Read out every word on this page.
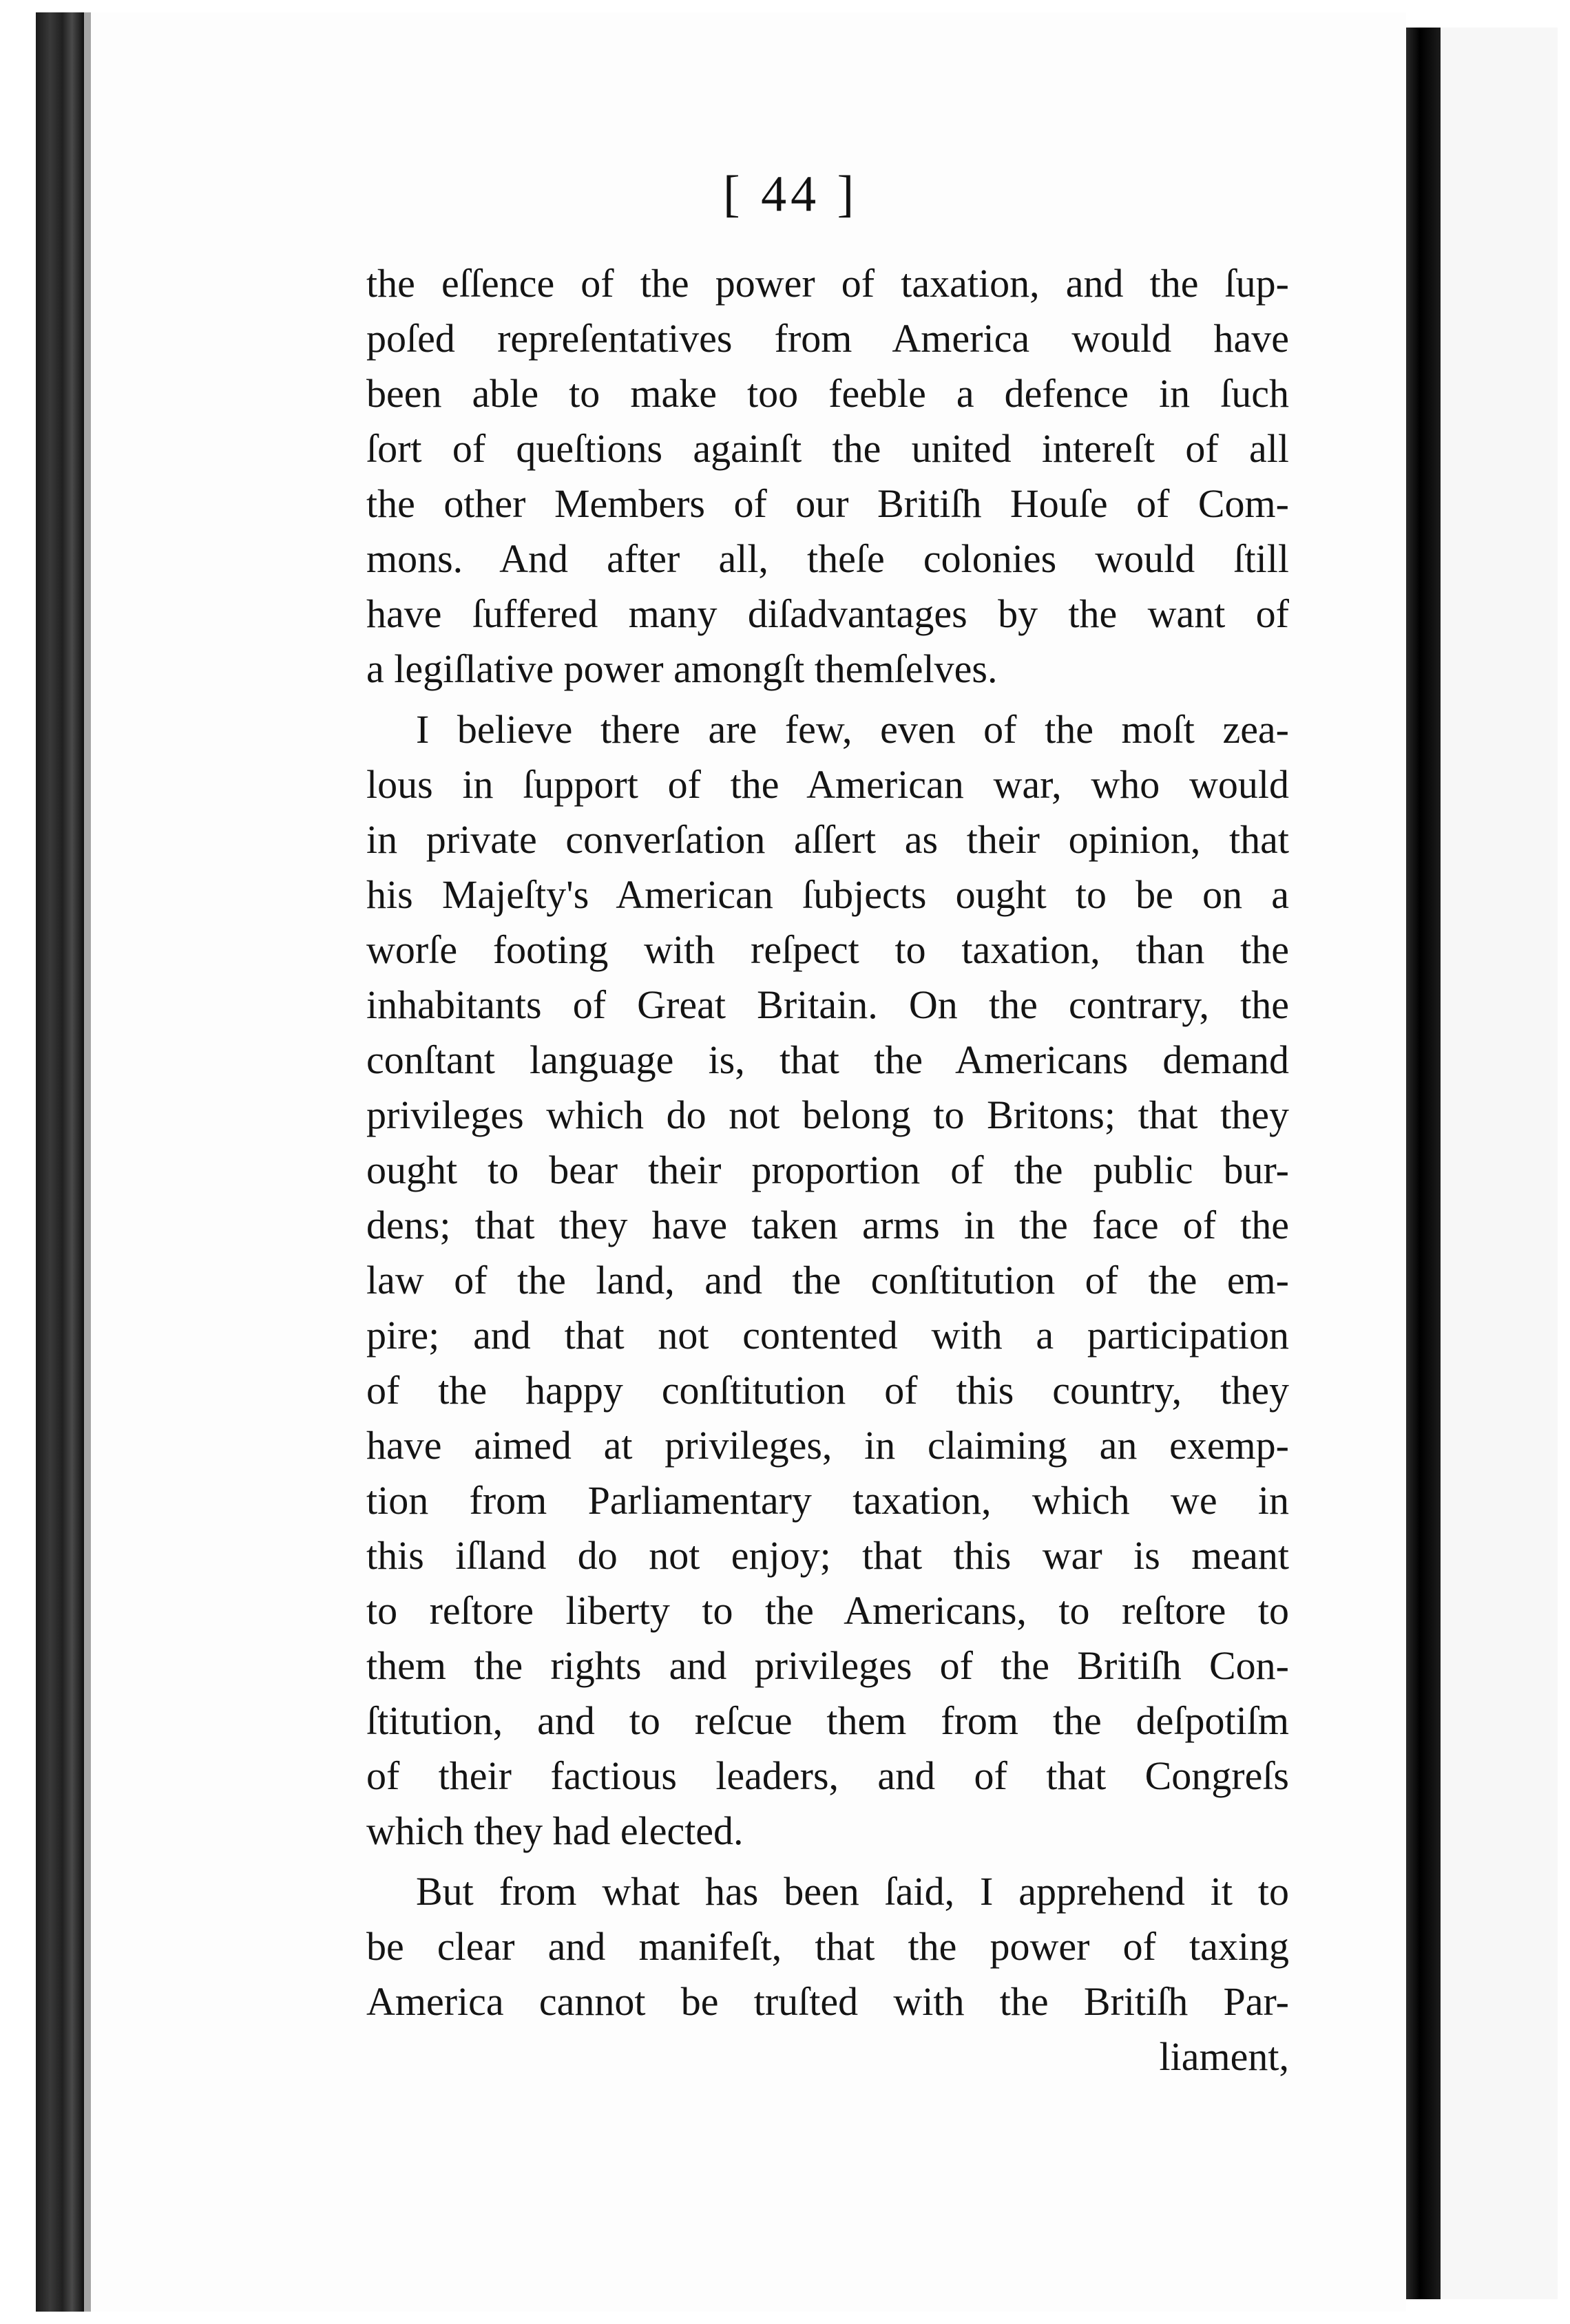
[ 44 ]
the eſſence of the power of taxation, and the ſup-
poſed repreſentatives from America would have
been able to make too feeble a defence in ſuch
ſort of queſtions againſt the united intereſt of all
the other Members of our Britiſh Houſe of Com-
mons. And after all, theſe colonies would ſtill
have ſuffered many diſadvantages by the want of
a legiſlative power amongſt themſelves.
I believe there are few, even of the moſt zea-
lous in ſupport of the American war, who would
in private converſation aſſert as their opinion, that
his Majeſty's American ſubjects ought to be on a
worſe footing with reſpect to taxation, than the
inhabitants of Great Britain. On the contrary, the
conſtant language is, that the Americans demand
privileges which do not belong to Britons; that they
ought to bear their proportion of the public bur-
dens; that they have taken arms in the face of the
law of the land, and the conſtitution of the em-
pire; and that not contented with a participation
of the happy conſtitution of this country, they
have aimed at privileges, in claiming an exemp-
tion from Parliamentary taxation, which we in
this iſland do not enjoy; that this war is meant
to reſtore liberty to the Americans, to reſtore to
them the rights and privileges of the Britiſh Con-
ſtitution, and to reſcue them from the deſpotiſm
of their factious leaders, and of that Congreſs
which they had elected.
But from what has been ſaid, I apprehend it to
be clear and manifeſt, that the power of taxing
America cannot be truſted with the Britiſh Par-
liament,
